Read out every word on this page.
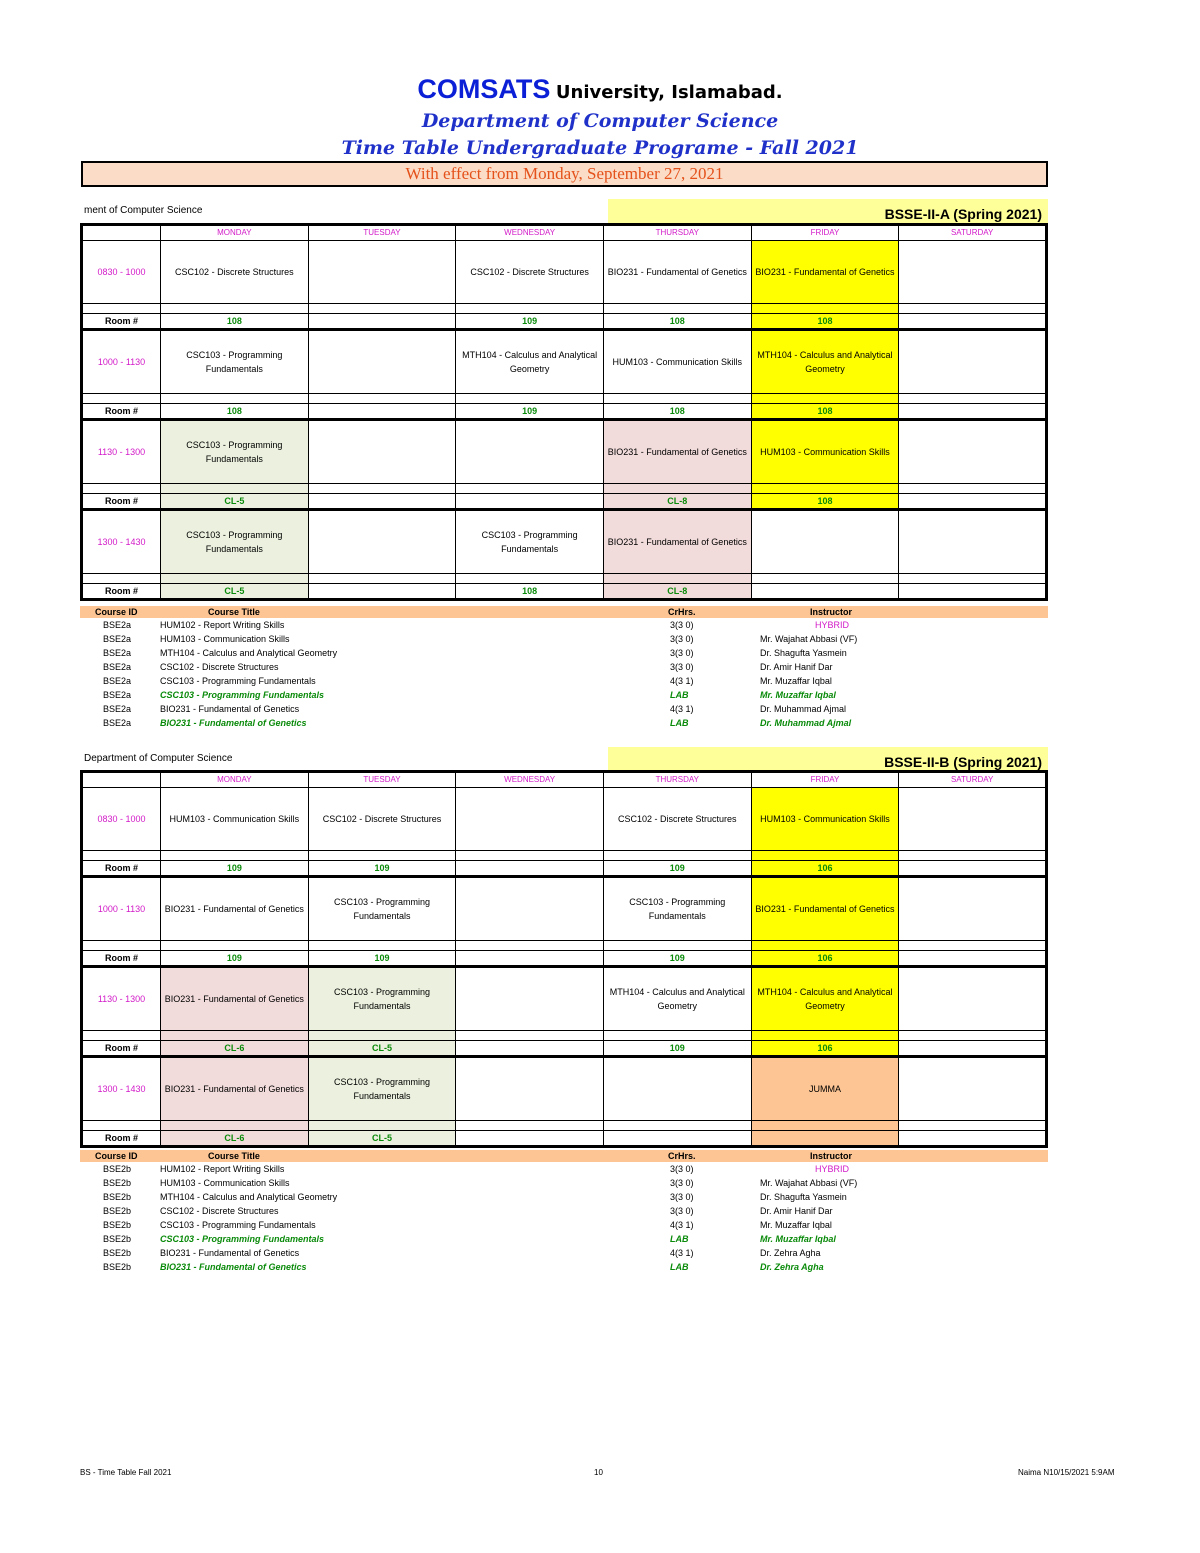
COMSATS University, Islamabad.
Department of Computer Science
Time Table Undergraduate Programe - Fall 2021
With effect from Monday, September 27, 2021
ment of Computer Science	BSSE-II-A (Spring 2021)
	MONDAY	TUESDAY	WEDNESDAY	THURSDAY	FRIDAY	SATURDAY
0830 - 1000	CSC102 - Discrete Structures		CSC102 - Discrete Structures	BIO231 - Fundamental of Genetics	BIO231 - Fundamental of Genetics	

Room #	108		109	108	108	
1000 - 1130	CSC103 - Programming Fundamentals		MTH104 - Calculus and Analytical Geometry	HUM103 - Communication Skills	MTH104 - Calculus and Analytical Geometry	

Room #	108		109	108	108	
1130 - 1300	CSC103 - Programming Fundamentals			BIO231 - Fundamental of Genetics	HUM103 - Communication Skills	

Room #	CL-5			CL-8	108	
1300 - 1430	CSC103 - Programming Fundamentals		CSC103 - Programming Fundamentals	BIO231 - Fundamental of Genetics		

Room #	CL-5		108	CL-8		
Course ID	Course Title	CrHrs.	Instructor
BSE2a	HUM102 - Report Writing Skills	3(3 0)	HYBRID
BSE2a	HUM103 - Communication Skills	3(3 0)	Mr. Wajahat Abbasi (VF)
BSE2a	MTH104 - Calculus and Analytical Geometry	3(3 0)	Dr. Shagufta Yasmein
BSE2a	CSC102 - Discrete Structures	3(3 0)	Dr. Amir Hanif Dar
BSE2a	CSC103 - Programming Fundamentals	4(3 1)	Mr. Muzaffar Iqbal
BSE2a	CSC103 - Programming Fundamentals	LAB	Mr. Muzaffar Iqbal
BSE2a	BIO231 - Fundamental of Genetics	4(3 1)	Dr. Muhammad Ajmal
BSE2a	BIO231 - Fundamental of Genetics	LAB	Dr. Muhammad Ajmal
Department of Computer Science	BSSE-II-B (Spring 2021)
	MONDAY	TUESDAY	WEDNESDAY	THURSDAY	FRIDAY	SATURDAY
0830 - 1000	HUM103 - Communication Skills	CSC102 - Discrete Structures		CSC102 - Discrete Structures	HUM103 - Communication Skills	

Room #	109	109		109	106	
1000 - 1130	BIO231 - Fundamental of Genetics	CSC103 - Programming Fundamentals		CSC103 - Programming Fundamentals	BIO231 - Fundamental of Genetics	

Room #	109	109		109	106	
1130 - 1300	BIO231 - Fundamental of Genetics	CSC103 - Programming Fundamentals		MTH104 - Calculus and Analytical Geometry	MTH104 - Calculus and Analytical Geometry	

Room #	CL-6	CL-5		109	106	
1300 - 1430	BIO231 - Fundamental of Genetics	CSC103 - Programming Fundamentals			JUMMA	

Room #	CL-6	CL-5				
Course ID	Course Title	CrHrs.	Instructor
BSE2b	HUM102 - Report Writing Skills	3(3 0)	HYBRID
BSE2b	HUM103 - Communication Skills	3(3 0)	Mr. Wajahat Abbasi (VF)
BSE2b	MTH104 - Calculus and Analytical Geometry	3(3 0)	Dr. Shagufta Yasmein
BSE2b	CSC102 - Discrete Structures	3(3 0)	Dr. Amir Hanif Dar
BSE2b	CSC103 - Programming Fundamentals	4(3 1)	Mr. Muzaffar Iqbal
BSE2b	CSC103 - Programming Fundamentals	LAB	Mr. Muzaffar Iqbal
BSE2b	BIO231 - Fundamental of Genetics	4(3 1)	Dr. Zehra Agha
BSE2b	BIO231 - Fundamental of Genetics	LAB	Dr. Zehra Agha
BS - Time Table Fall 2021	10	Naima N10/15/2021 5:9AM
